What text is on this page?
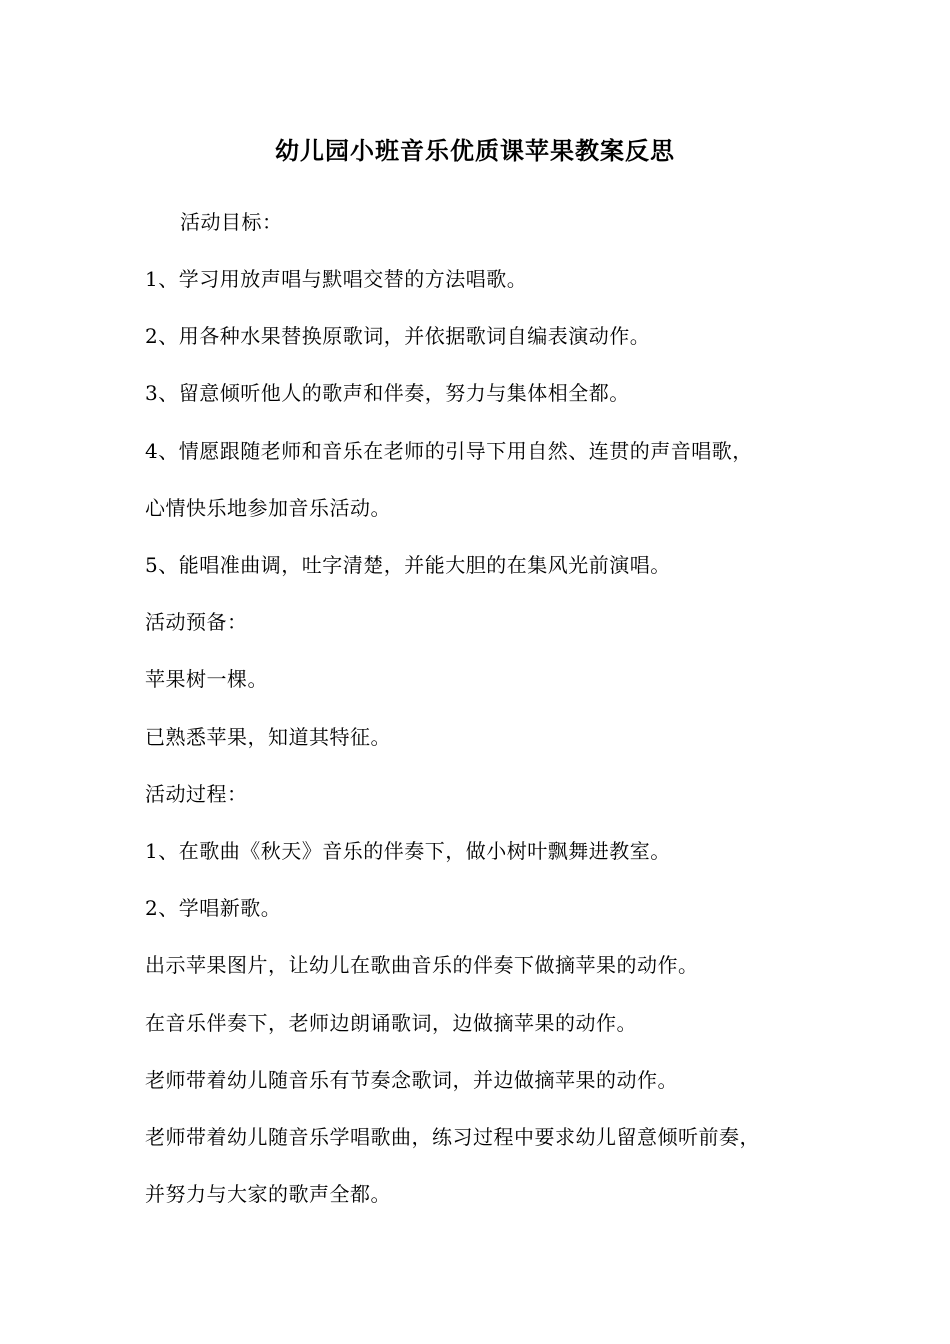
幼儿园小班音乐优质课苹果教案反思
活动目标：
1、学习用放声唱与默唱交替的方法唱歌。
2、用各种水果替换原歌词，并依据歌词自编表演动作。
3、留意倾听他人的歌声和伴奏，努力与集体相全都。
4、情愿跟随老师和音乐在老师的引导下用自然、连贯的声音唱歌，
心情快乐地参加音乐活动。
5、能唱准曲调，吐字清楚，并能大胆的在集风光前演唱。
活动预备：
苹果树一棵。
已熟悉苹果，知道其特征。
活动过程：
1、在歌曲《秋天》音乐的伴奏下，做小树叶飘舞进教室。
2、学唱新歌。
出示苹果图片，让幼儿在歌曲音乐的伴奏下做摘苹果的动作。
在音乐伴奏下，老师边朗诵歌词，边做摘苹果的动作。
老师带着幼儿随音乐有节奏念歌词，并边做摘苹果的动作。
老师带着幼儿随音乐学唱歌曲，练习过程中要求幼儿留意倾听前奏，
并努力与大家的歌声全都。
